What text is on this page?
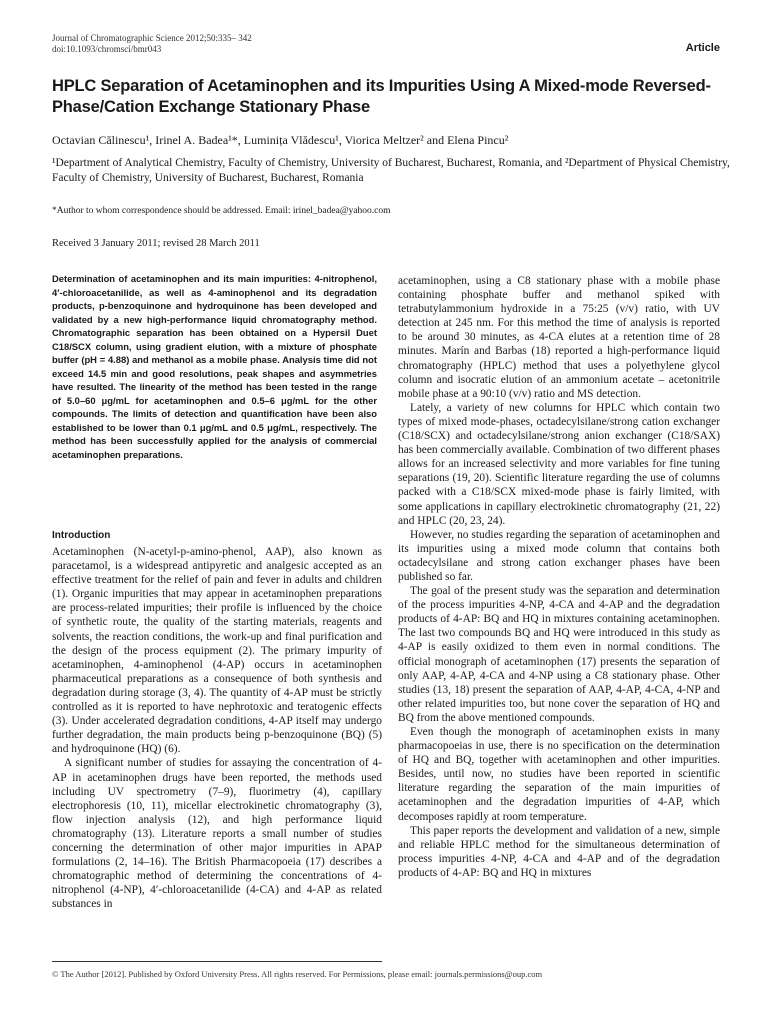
Journal of Chromatographic Science 2012;50:335– 342
doi:10.1093/chromsci/bmr043	Article
HPLC Separation of Acetaminophen and its Impurities Using A Mixed-mode Reversed-Phase/Cation Exchange Stationary Phase
Octavian Călinescu¹, Irinel A. Badea¹*, Luminița Vlădescu¹, Viorica Meltzer² and Elena Pincu²
¹Department of Analytical Chemistry, Faculty of Chemistry, University of Bucharest, Bucharest, Romania, and ²Department of Physical Chemistry, Faculty of Chemistry, University of Bucharest, Bucharest, Romania
*Author to whom correspondence should be addressed. Email: irinel_badea@yahoo.com
Received 3 January 2011; revised 28 March 2011
Determination of acetaminophen and its main impurities: 4-nitrophenol, 4′-chloroacetanilide, as well as 4-aminophenol and its degradation products, p-benzoquinone and hydroquinone has been developed and validated by a new high-performance liquid chromatography method. Chromatographic separation has been obtained on a Hypersil Duet C18/SCX column, using gradient elution, with a mixture of phosphate buffer (pH = 4.88) and methanol as a mobile phase. Analysis time did not exceed 14.5 min and good resolutions, peak shapes and asymmetries have resulted. The linearity of the method has been tested in the range of 5.0–60 μg/mL for acetaminophen and 0.5–6 μg/mL for the other compounds. The limits of detection and quantification have been also established to be lower than 0.1 μg/mL and 0.5 μg/mL, respectively. The method has been successfully applied for the analysis of commercial acetaminophen preparations.
Introduction

Acetaminophen (N-acetyl-p-amino-phenol, AAP), also known as paracetamol, is a widespread antipyretic and analgesic accepted as an effective treatment for the relief of pain and fever in adults and children (1). Organic impurities that may appear in acetaminophen preparations are process-related impurities; their profile is influenced by the choice of synthetic route, the quality of the starting materials, reagents and solvents, the reaction conditions, the work-up and final purification and the design of the process equipment (2). The primary impurity of acetaminophen, 4-aminophenol (4-AP) occurs in acetaminophen pharmaceutical preparations as a consequence of both synthesis and degradation during storage (3, 4). The quantity of 4-AP must be strictly controlled as it is reported to have nephrotoxic and teratogenic effects (3). Under accelerated degradation conditions, 4-AP itself may undergo further degradation, the main products being p-benzoquinone (BQ) (5) and hydroquinone (HQ) (6).

A significant number of studies for assaying the concentration of 4-AP in acetaminophen drugs have been reported, the methods used including UV spectrometry (7–9), fluorimetry (4), capillary electrophoresis (10, 11), micellar electrokinetic chromatography (3), flow injection analysis (12), and high performance liquid chromatography (13). Literature reports a small number of studies concerning the determination of other major impurities in APAP formulations (2, 14–16). The British Pharmacopoeia (17) describes a chromatographic method of determining the concentrations of 4-nitrophenol (4-NP), 4′-chloroacetanilide (4-CA) and 4-AP as related substances in

acetaminophen, using a C8 stationary phase with a mobile phase containing phosphate buffer and methanol spiked with tetrabutylammonium hydroxide in a 75:25 (v/v) ratio, with UV detection at 245 nm. For this method the time of analysis is reported to be around 30 minutes, as 4-CA elutes at a retention time of 28 minutes. Marín and Barbas (18) reported a high-performance liquid chromatography (HPLC) method that uses a polyethylene glycol column and isocratic elution of an ammonium acetate – acetonitrile mobile phase at a 90:10 (v/v) ratio and MS detection.

Lately, a variety of new columns for HPLC which contain two types of mixed mode-phases, octadecylsilane/strong cation exchanger (C18/SCX) and octadecylsilane/strong anion exchanger (C18/SAX) has been commercially available. Combination of two different phases allows for an increased selectivity and more variables for fine tuning separations (19, 20). Scientific literature regarding the use of columns packed with a C18/SCX mixed-mode phase is fairly limited, with some applications in capillary electrokinetic chromatography (21, 22) and HPLC (20, 23, 24).

However, no studies regarding the separation of acetaminophen and its impurities using a mixed mode column that contains both octadecylsilane and strong cation exchanger phases have been published so far.

The goal of the present study was the separation and determination of the process impurities 4-NP, 4-CA and 4-AP and the degradation products of 4-AP: BQ and HQ in mixtures containing acetaminophen. The last two compounds BQ and HQ were introduced in this study as 4-AP is easily oxidized to them even in normal conditions. The official monograph of acetaminophen (17) presents the separation of only AAP, 4-AP, 4-CA and 4-NP using a C8 stationary phase. Other studies (13, 18) present the separation of AAP, 4-AP, 4-CA, 4-NP and other related impurities too, but none cover the separation of HQ and BQ from the above mentioned compounds.

Even though the monograph of acetaminophen exists in many pharmacopoeias in use, there is no specification on the determination of HQ and BQ, together with acetaminophen and other impurities. Besides, until now, no studies have been reported in scientific literature regarding the separation of the main impurities of acetaminophen and the degradation impurities of 4-AP, which decomposes rapidly at room temperature.

This paper reports the development and validation of a new, simple and reliable HPLC method for the simultaneous determination of process impurities 4-NP, 4-CA and 4-AP and of the degradation products of 4-AP: BQ and HQ in mixtures

© The Author [2012]. Published by Oxford University Press. All rights reserved. For Permissions, please email: journals.permissions@oup.com
